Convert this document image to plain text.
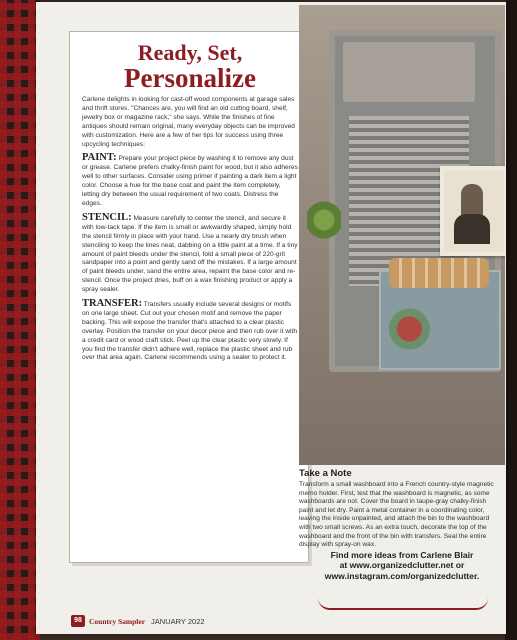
Ready, Set,
Personalize
Carlene delights in looking for cast-off wood components at garage sales and thrift stores. "Chances are, you will find an old cutting board, shelf, jewelry box or magazine rack," she says. While the finishes of fine antiques should remain original, many everyday objects can be improved with customization. Here are a few of her tips for success using three upcycling techniques:
PAINT: Prepare your project piece by washing it to remove any dust or grease. Carlene prefers chalky-finish paint for wood, but it also adheres well to other surfaces. Consider using primer if painting a dark item a light color. Choose a hue for the base coat and paint the item completely, letting dry between the usual requirement of two coats. Distress the edges.
STENCIL: Measure carefully to center the stencil, and secure it with low-tack tape. If the item is small or awkwardly shaped, simply hold the stencil firmly in place with your hand. Use a nearly dry brush when stenciling to keep the lines neat, dabbing on a little paint at a time. If a tiny amount of paint bleeds under the stencil, fold a small piece of 220-grit sandpaper into a point and gently sand off the mistakes. If a large amount of paint bleeds under, sand the entire area, repaint the base color and re-stencil. Once the project dries, buff on a wax finishing product or apply a spray sealer.
TRANSFER: Transfers usually include several designs or motifs on one large sheet. Cut out your chosen motif and remove the paper backing. This will expose the transfer that's attached to a clear plastic overlay. Position the transfer on your decor piece and then rub over it with a credit card or wood craft stick. Peel up the clear plastic very slowly. If you find the transfer didn't adhere well, replace the plastic sheet and rub over that area again. Carlene recommends using a sealer to protect it.
Take a Note
Transform a small washboard into a French country-style magnetic memo holder. First, test that the washboard is magnetic, as some washboards are not. Cover the board in taupe-gray chalky-finish paint and let dry. Paint a metal container in a coordinating color, leaving the inside unpainted, and attach the bin to the washboard with two small screws. As an extra touch, decorate the top of the washboard and the front of the bin with transfers. Seal the entire display with spray-on wax.
Find more ideas from Carlene Blair
at www.organizedclutter.net or
www.instagram.com/organizedclutter.
98 Country Sampler JANUARY 2022
